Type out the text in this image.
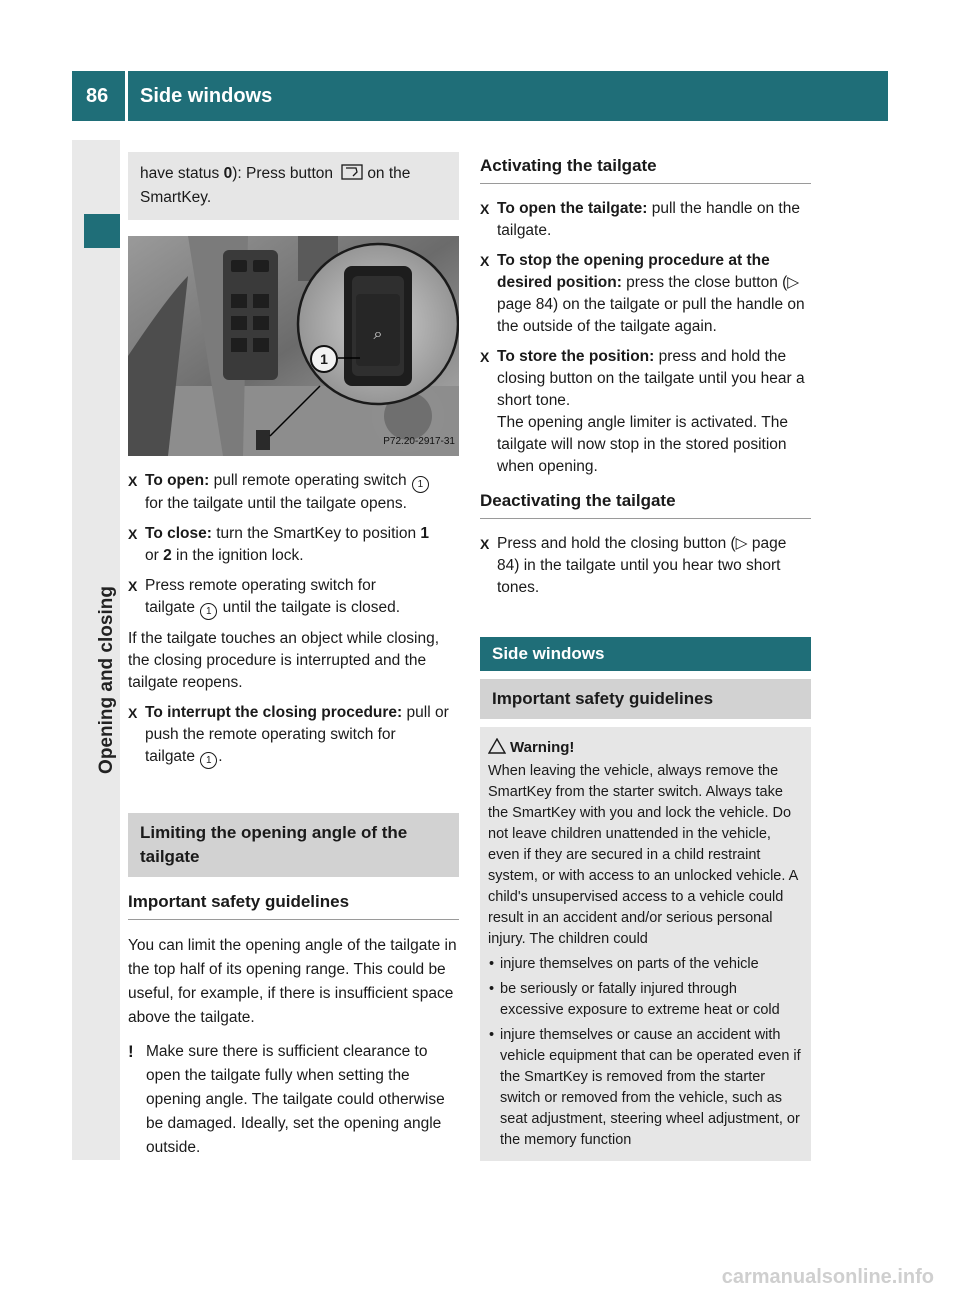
86 Side windows
Opening and closing

have status 0): Press button on the

SmartKey.

⌕
1
P72.20-2917-31
X To open: pull remote operating switch 1
for the tailgate until the tailgate opens.
X To close: turn the SmartKey to position 1
or 2 in the ignition lock.
X Press remote operating switch for
tailgate 1 until the tailgate is closed.

If the tailgate touches an object while closing, the closing procedure is interrupted and the tailgate reopens.

X To interrupt the closing procedure: pull or push the remote operating switch for
tailgate 1 .
Limiting the opening angle of the tailgate
Important safety guidelines

You can limit the opening angle of the tailgate in the top half of its opening range. This could be useful, for example, if there is insufficient space above the tailgate.

! Make sure there is sufficient clearance to open the tailgate fully when setting the opening angle. The tailgate could otherwise be damaged. Ideally, set the opening angle outside.
Activating the tailgate
X To open the tailgate: pull the handle on the tailgate.
X To stop the opening procedure at the desired position: press the close button (▷ page 84) on the tailgate or pull the handle on the outside of the tailgate again.
X To store the position: press and hold the closing button on the tailgate until you hear a short tone.
The opening angle limiter is activated. The tailgate will now stop in the stored position when opening.
Deactivating the tailgate
X Press and hold the closing button (▷ page 84) in the tailgate until you hear two short tones.
Side windows
Important safety guidelines
Warning!

When leaving the vehicle, always remove the SmartKey from the starter switch. Always take the SmartKey with you and lock the vehicle. Do not leave children unattended in the vehicle, even if they are secured in a child restraint system, or with access to an unlocked vehicle. A child's unsupervised access to a vehicle could result in an accident and/or serious personal injury. The children could

• injure themselves on parts of the vehicle
• be seriously or fatally injured through excessive exposure to extreme heat or cold
• injure themselves or cause an accident with vehicle equipment that can be operated even if the SmartKey is removed from the starter switch or removed from the vehicle, such as seat adjustment, steering wheel adjustment, or the memory function
carmanualsonline.info
